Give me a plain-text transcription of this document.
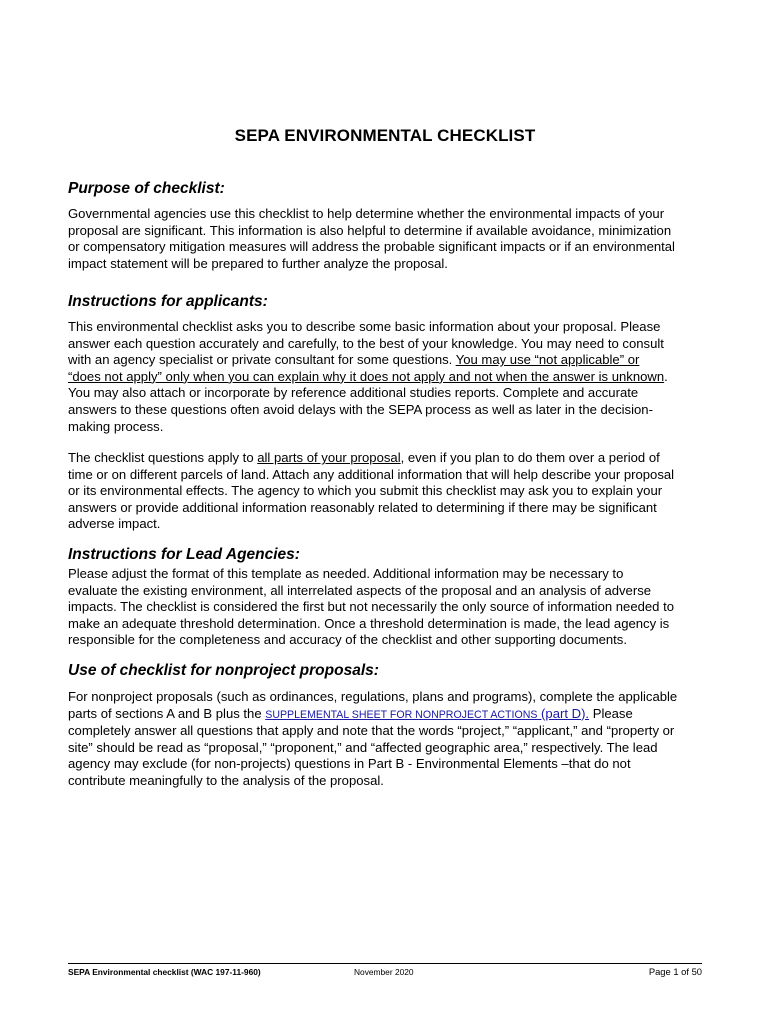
SEPA ENVIRONMENTAL CHECKLIST
Purpose of checklist:
Governmental agencies use this checklist to help determine whether the environmental impacts of your
proposal are significant. This information is also helpful to determine if available avoidance, minimization
or compensatory mitigation measures will address the probable significant impacts or if an environmental
impact statement will be prepared to further analyze the proposal.
Instructions for applicants:
This environmental checklist asks you to describe some basic information about your proposal. Please
answer each question accurately and carefully, to the best of your knowledge. You may need to consult
with an agency specialist or private consultant for some questions. You may use “not applicable” or
“does not apply” only when you can explain why it does not apply and not when the answer is unknown.
You may also attach or incorporate by reference additional studies reports. Complete and accurate
answers to these questions often avoid delays with the SEPA process as well as later in the decision-
making process.
The checklist questions apply to all parts of your proposal, even if you plan to do them over a period of
time or on different parcels of land. Attach any additional information that will help describe your proposal
or its environmental effects. The agency to which you submit this checklist may ask you to explain your
answers or provide additional information reasonably related to determining if there may be significant
adverse impact.
Instructions for Lead Agencies:
Please adjust the format of this template as needed. Additional information may be necessary to
evaluate the existing environment, all interrelated aspects of the proposal and an analysis of adverse
impacts. The checklist is considered the first but not necessarily the only source of information needed to
make an adequate threshold determination. Once a threshold determination is made, the lead agency is
responsible for the completeness and accuracy of the checklist and other supporting documents.
Use of checklist for nonproject proposals:
For nonproject proposals (such as ordinances, regulations, plans and programs), complete the applicable
parts of sections A and B plus the SUPPLEMENTAL SHEET FOR NONPROJECT ACTIONS (part D). Please
completely answer all questions that apply and note that the words “project,” “applicant,” and “property or
site” should be read as “proposal,” “proponent,” and “affected geographic area,” respectively. The lead
agency may exclude (for non-projects) questions in Part B - Environmental Elements –that do not
contribute meaningfully to the analysis of the proposal.
SEPA Environmental checklist (WAC 197-11-960)	November 2020	Page 1 of 50
